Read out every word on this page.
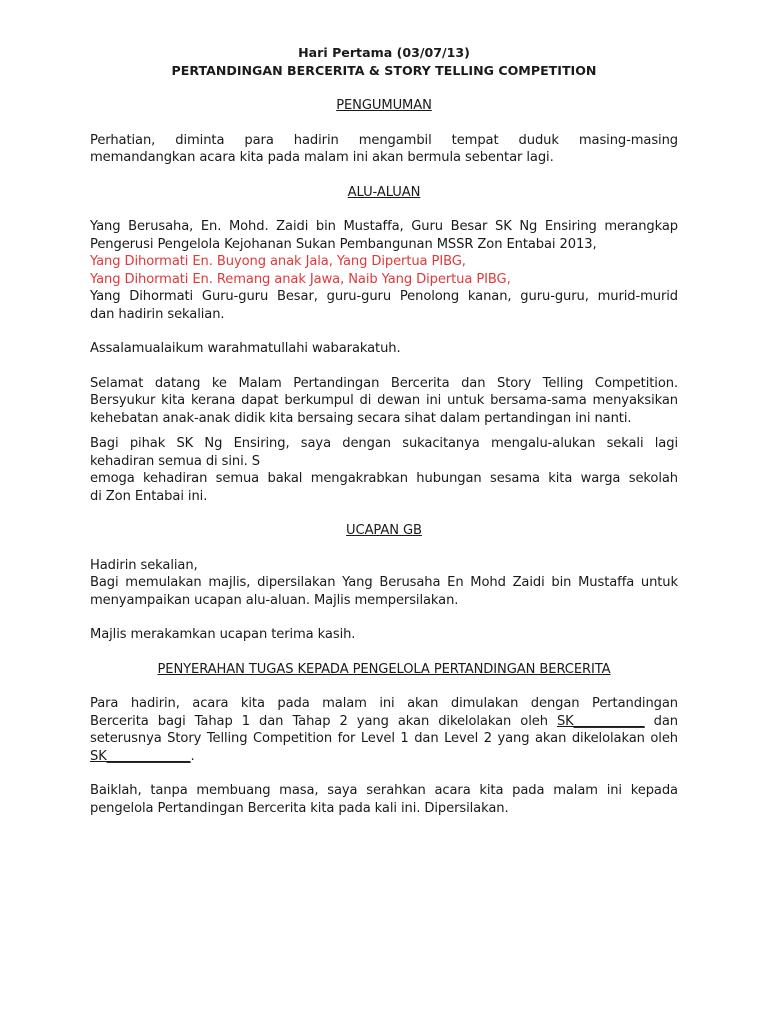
Hari Pertama (03/07/13)
PERTANDINGAN BERCERITA & STORY TELLING COMPETITION
PENGUMUMAN

Perhatian, diminta para hadirin mengambil tempat duduk masing-masing
memandangkan acara kita pada malam ini akan bermula sebentar lagi.

ALU-ALUAN

Yang Berusaha, En. Mohd. Zaidi bin Mustaffa, Guru Besar SK Ng Ensiring merangkap
Pengerusi Pengelola Kejohanan Sukan Pembangunan MSSR Zon Entabai 2013,
Yang Dihormati En. Buyong anak Jala, Yang Dipertua PIBG,
Yang Dihormati En. Remang anak Jawa, Naib Yang Dipertua PIBG,
Yang Dihormati Guru-guru Besar, guru-guru Penolong kanan, guru-guru, murid-murid
dan hadirin sekalian.

Assalamualaikum warahmatullahi wabarakatuh.

Selamat datang ke Malam Pertandingan Bercerita dan Story Telling Competition.
Bersyukur kita kerana dapat berkumpul di dewan ini untuk bersama-sama menyaksikan
kehebatan anak-anak didik kita bersaing secara sihat dalam pertandingan ini nanti.

Bagi pihak SK Ng Ensiring, saya dengan sukacitanya mengalu-alukan sekali lagi
kehadiran semua di sini. S
emoga kehadiran semua bakal mengakrabkan hubungan sesama kita warga sekolah
di Zon Entabai ini.

UCAPAN GB

Hadirin sekalian,
Bagi memulakan majlis, dipersilakan Yang Berusaha En Mohd Zaidi bin Mustaffa untuk
menyampaikan ucapan alu-aluan. Majlis mempersilakan.

Majlis merakamkan ucapan terima kasih.

PENYERAHAN TUGAS KEPADA PENGELOLA PERTANDINGAN BERCERITA

Para hadirin, acara kita pada malam ini akan dimulakan dengan Pertandingan
Bercerita bagi Tahap 1 dan Tahap 2 yang akan dikelolakan oleh SK___________ dan
seterusnya Story Telling Competition for Level 1 dan Level 2 yang akan dikelolakan oleh
SK_____________.

Baiklah, tanpa membuang masa, saya serahkan acara kita pada malam ini kepada
pengelola Pertandingan Bercerita kita pada kali ini. Dipersilakan.
